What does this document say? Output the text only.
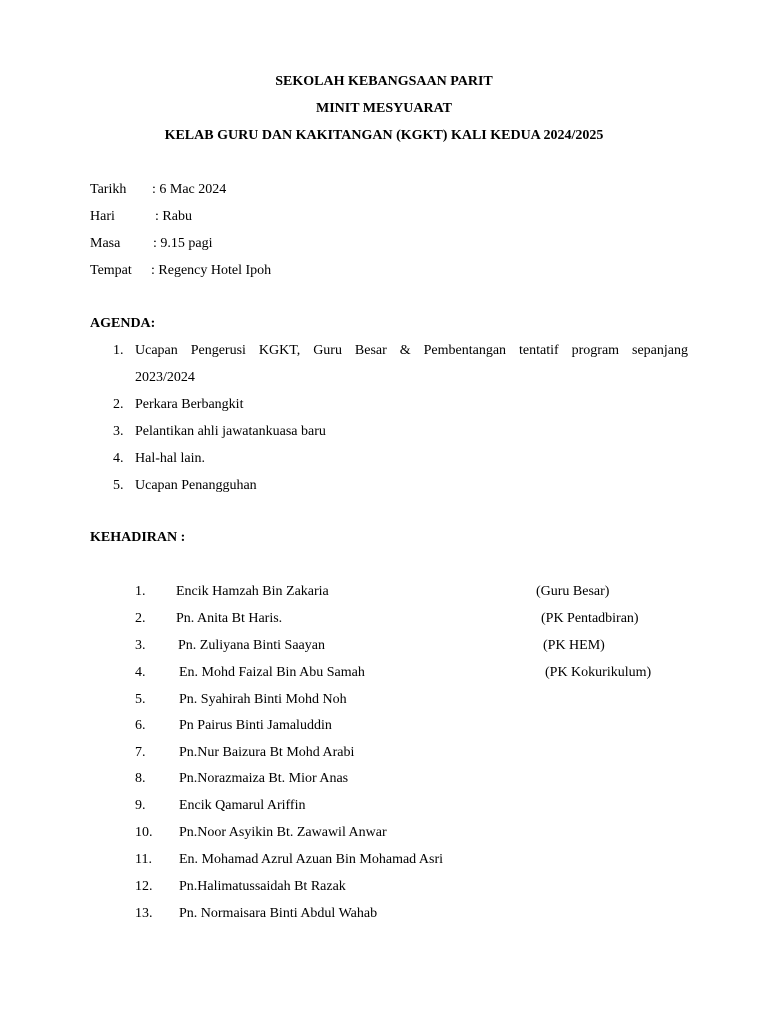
SEKOLAH KEBANGSAAN PARIT
MINIT MESYUARAT
KELAB GURU DAN KAKITANGAN (KGKT) KALI KEDUA 2024/2025
Tarikh : 6 Mac 2024
Hari	: Rabu
Masa : 9.15 pagi
Tempat : Regency Hotel Ipoh
AGENDA:
1. Ucapan Pengerusi KGKT, Guru Besar & Pembentangan tentatif program sepanjang
2023/2024
2. Perkara Berbangkit
3. Pelantikan ahli jawatankuasa baru
4. Hal-hal lain.
5. Ucapan Penangguhan
KEHADIRAN :
1. Encik Hamzah Bin Zakaria	(Guru Besar)
2. Pn. Anita Bt Haris.	(PK Pentadbiran)
3. Pn. Zuliyana Binti Saayan	(PK HEM)
4. En. Mohd Faizal Bin Abu Samah	(PK Kokurikulum)
5. Pn. Syahirah Binti Mohd Noh
6. Pn Pairus Binti Jamaluddin
7. Pn.Nur Baizura Bt Mohd Arabi
8. Pn.Norazmaiza Bt. Mior Anas
9. Encik Qamarul Ariffin
10. Pn.Noor Asyikin Bt. Zawawil Anwar
11. En. Mohamad Azrul Azuan Bin Mohamad Asri
12. Pn.Halimatussaidah Bt Razak
13. Pn. Normaisara Binti Abdul Wahab
